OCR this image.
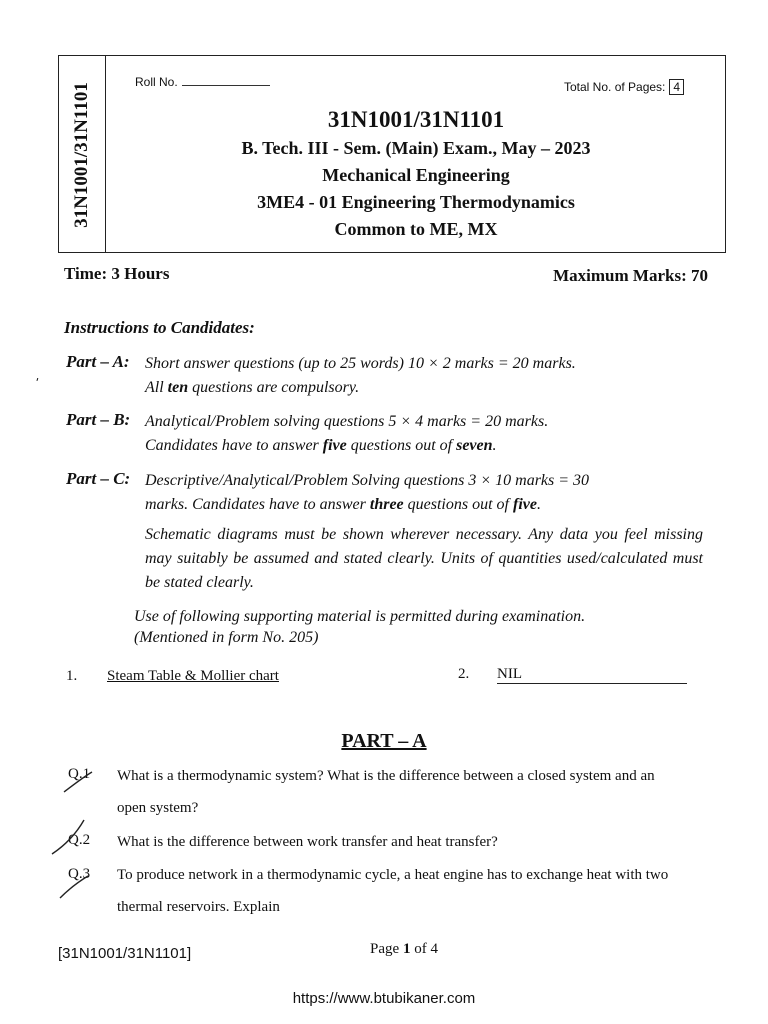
31N1001/31N1101
Roll No.	Total No. of Pages: 4
31N1001/31N1101
B. Tech. III - Sem. (Main) Exam., May – 2023
Mechanical Engineering
3ME4 - 01 Engineering Thermodynamics
Common to ME, MX
Time: 3 Hours	Maximum Marks: 70
Instructions to Candidates:
⸴
Part – A: Short answer questions (up to 25 words) 10 × 2 marks = 20 marks.
All ten questions are compulsory.
Part – B: Analytical/Problem solving questions 5 × 4 marks = 20 marks.
Candidates have to answer five questions out of seven.
Part – C: Descriptive/Analytical/Problem Solving questions 3 × 10 marks = 30
marks. Candidates have to answer three questions out of five.
Schematic diagrams must be shown wherever necessary. Any data you feel missing may suitably be assumed and stated clearly. Units of quantities used/calculated must be stated clearly.
Use of following supporting material is permitted during examination.
(Mentioned in form No. 205)
1. Steam Table & Mollier chart	2. NIL
PART – A
Q.1 What is a thermodynamic system? What is the difference between a closed system and an open system?
Q.2 What is the difference between work transfer and heat transfer?
Q.3 To produce network in a thermodynamic cycle, a heat engine has to exchange heat with two thermal reservoirs. Explain
[31N1001/31N1101]	Page 1 of 4
https://www.btubikaner.com
